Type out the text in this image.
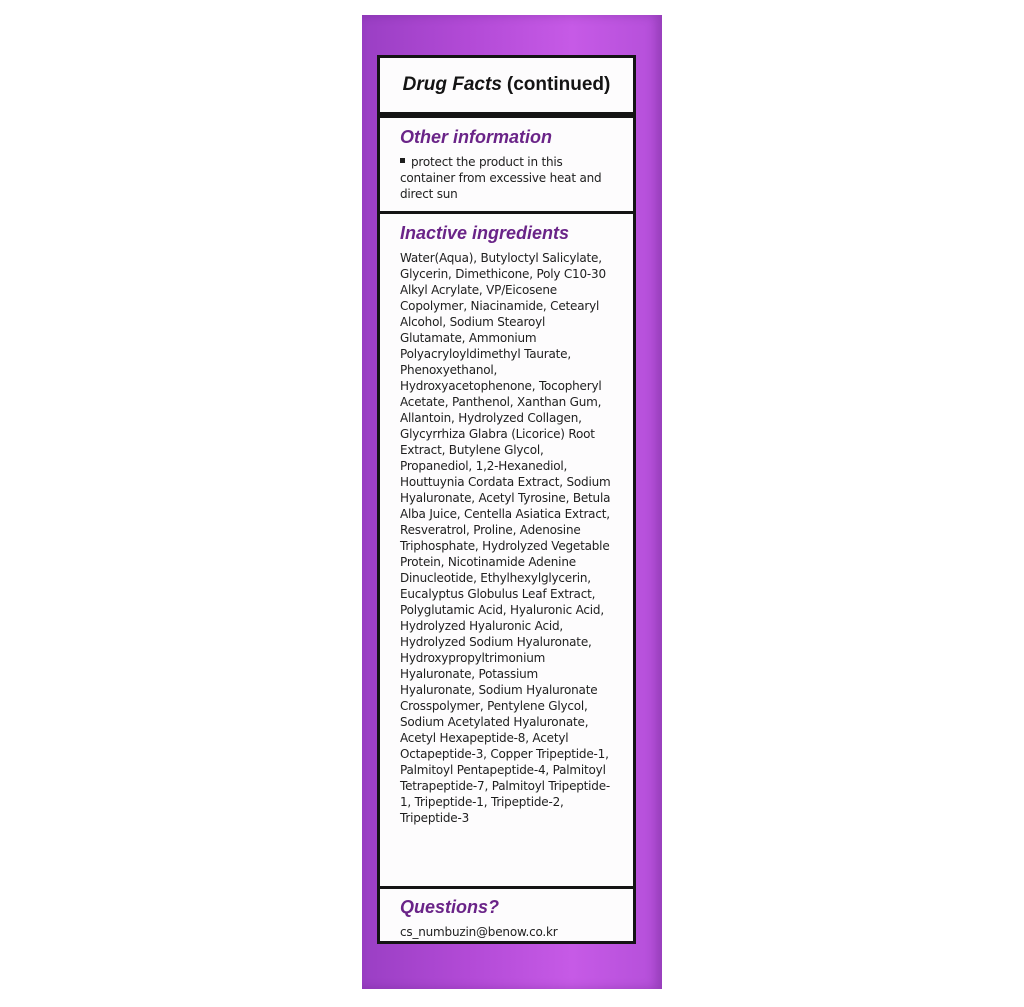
Drug Facts (continued)
Other information

protect the product in this container from excessive heat and direct sun

Inactive ingredients

Water(Aqua), Butyloctyl Salicylate, Glycerin, Dimethicone, Poly C10-30 Alkyl Acrylate, VP/Eicosene Copolymer, Niacinamide, Cetearyl Alcohol, Sodium Stearoyl Glutamate, Ammonium Polyacryloyldimethyl Taurate, Phenoxyethanol, Hydroxyacetophenone, Tocopheryl Acetate, Panthenol, Xanthan Gum, Allantoin, Hydrolyzed Collagen, Glycyrrhiza Glabra (Licorice) Root Extract, Butylene Glycol, Propanediol, 1,2-Hexanediol, Houttuynia Cordata Extract, Sodium Hyaluronate, Acetyl Tyrosine, Betula Alba Juice, Centella Asiatica Extract, Resveratrol, Proline, Adenosine Triphosphate, Hydrolyzed Vegetable Protein, Nicotinamide Adenine Dinucleotide, Ethylhexylglycerin, Eucalyptus Globulus Leaf Extract, Polyglutamic Acid, Hyaluronic Acid, Hydrolyzed Hyaluronic Acid, Hydrolyzed Sodium Hyaluronate, Hydroxypropyltrimonium Hyaluronate, Potassium Hyaluronate, Sodium Hyaluronate Crosspolymer, Pentylene Glycol, Sodium Acetylated Hyaluronate, Acetyl Hexapeptide-8, Acetyl Octapeptide-3, Copper Tripeptide-1, Palmitoyl Pentapeptide-4, Palmitoyl Tetrapeptide-7, Palmitoyl Tripeptide-1, Tripeptide-1, Tripeptide-2, Tripeptide-3

Questions?

cs_numbuzin@benow.co.kr
